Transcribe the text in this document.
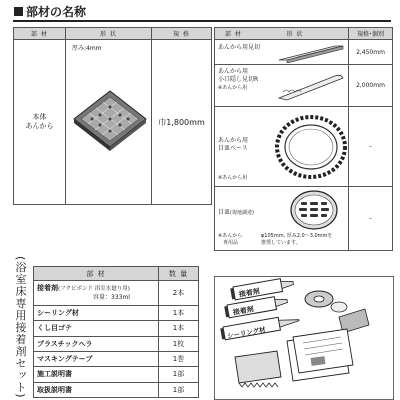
部材の名称
部 材	形 状	規 格

本体
あんから	厚み:4mm	巾1,800mm
部 材 形 状	規格･個別

あんから用見切	2,450mm

あんから用
小口隠し見切R
※あんから用	2,000mm

あんから用
目皿ベース
※あんから用	–

目皿(現地調達)
※あんから
専用品
φ105mm, 厚み2.0〜3.0mmを
推奨しています。	–
(浴室床専用接着剤セット)	部 材	数 量
接着剤(フクビボンド 浴室水廻り用)
容量：333ml	2本
シーリング材	1本
くし目ゴテ	1本
プラスチックヘラ	1枚
マスキングテープ	1巻
施工説明書	1部
取扱説明書	1部
接着剤
接着剤
シーリング材
